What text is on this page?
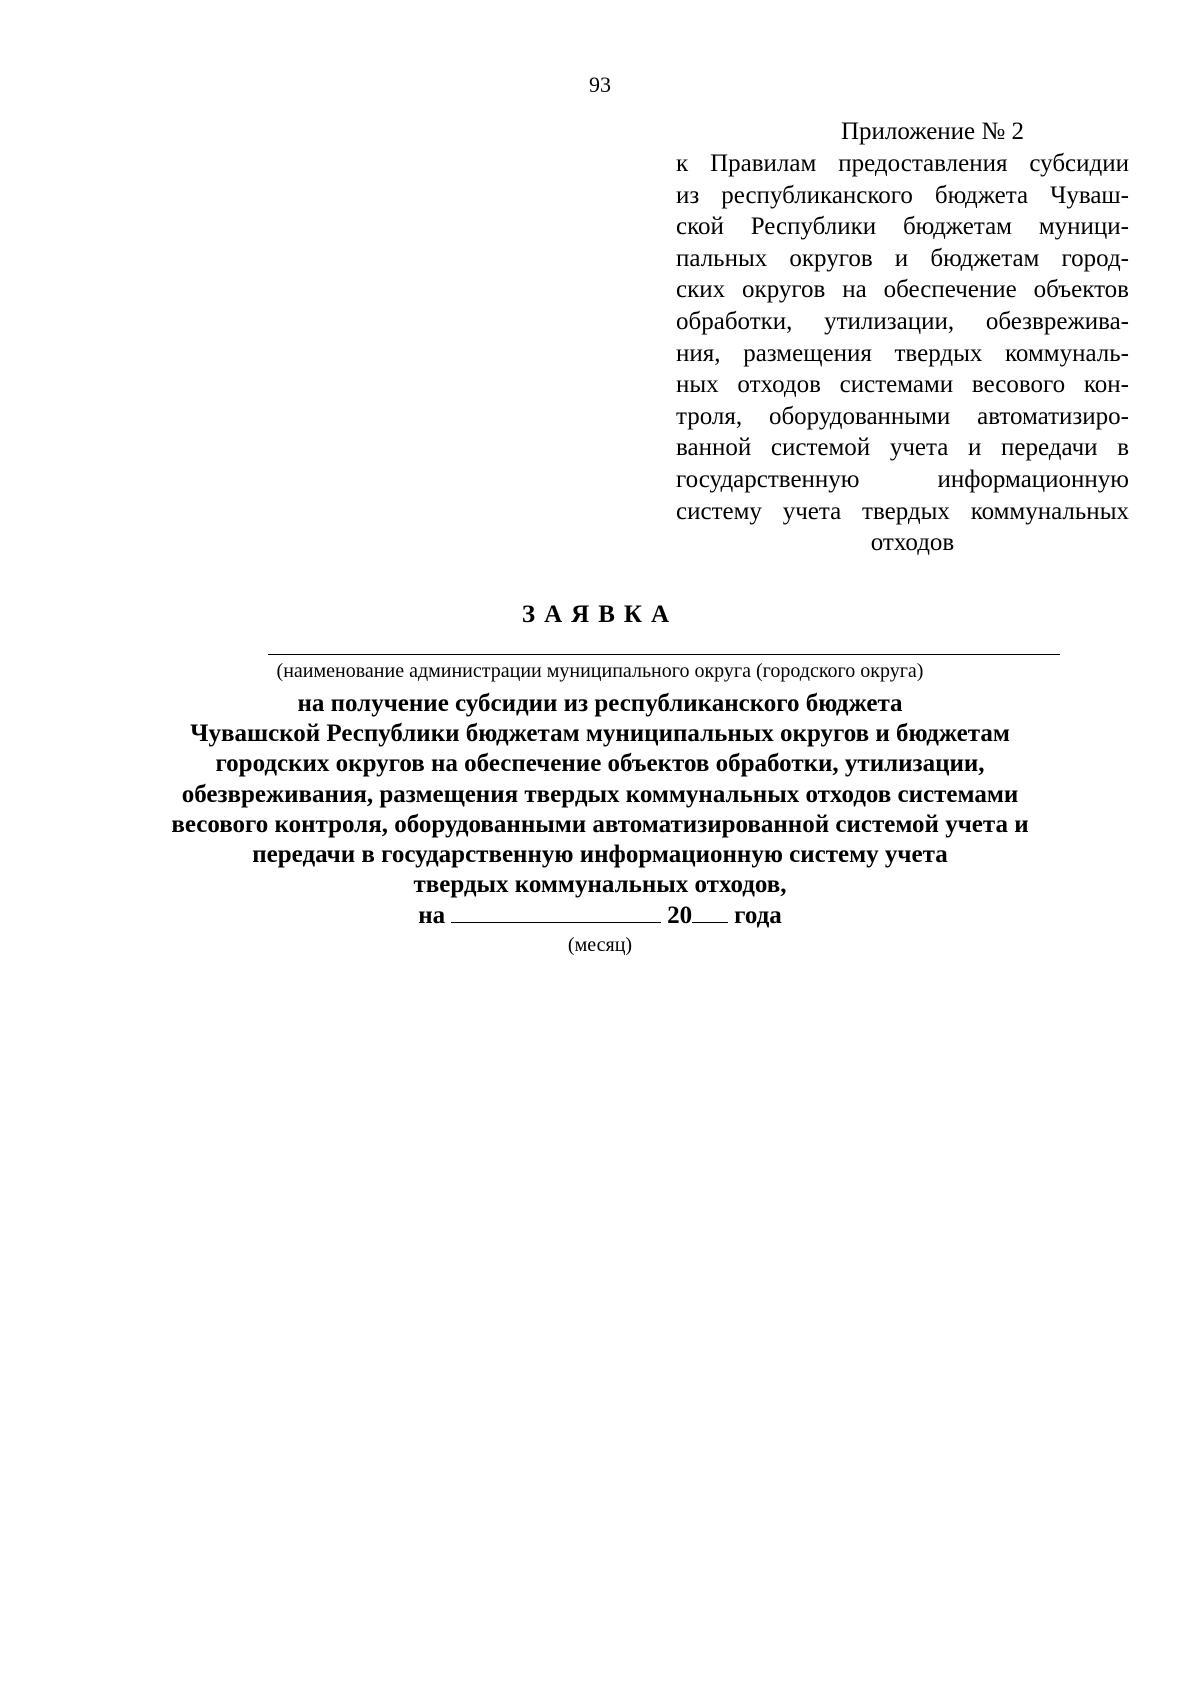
93
Приложение № 2
к Правилам предоставления субсидии
из республиканского бюджета Чуваш-
ской Республики бюджетам муници-
пальных округов и бюджетам город-
ских округов на обеспечение объектов
обработки, утилизации, обезврежива-
ния, размещения твердых коммуналь-
ных отходов системами весового кон-
троля, оборудованными автоматизиро-
ванной системой учета и передачи в
государственную информационную
систему учета твердых коммунальных
отходов
ЗАЯВКА
(наименование администрации муниципального округа (городского округа)
на получение субсидии из республиканского бюджета
Чувашской Республики бюджетам муниципальных округов и бюджетам
городских округов на обеспечение объектов обработки, утилизации,
обезвреживания, размещения твердых коммунальных отходов системами
весового контроля, оборудованными автоматизированной системой учета и
передачи в государственную информационную систему учета
твердых коммунальных отходов,
на	20 года
(месяц)
